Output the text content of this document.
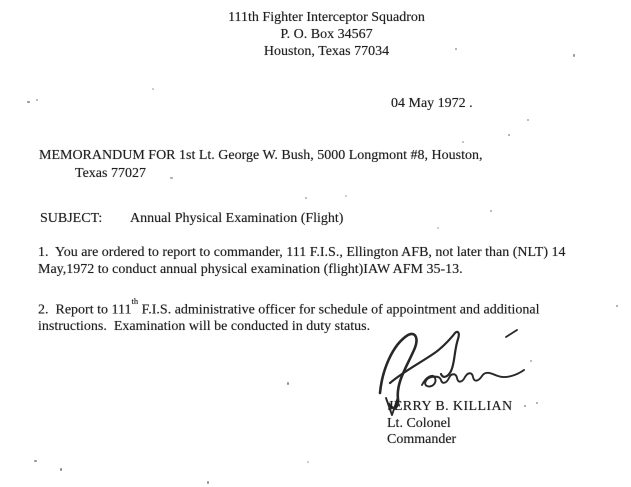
111th Fighter Interceptor Squadron
P. O. Box 34567
Houston, Texas 77034
04 May 1972 .
MEMORANDUM FOR 1st Lt. George W. Bush, 5000 Longmont #8, Houston,
Texas 77027
SUBJECT: Annual Physical Examination (Flight)
1.  You are ordered to report to commander, 111 F.I.S., Ellington AFB, not later than (NLT) 14
May,1972 to conduct annual physical examination (flight)IAW AFM 35-13.
2.  Report to 111th F.I.S. administrative officer for schedule of appointment and additional
instructions.  Examination will be conducted in duty status.
JERRY B. KILLIAN
Lt. Colonel
Commander
